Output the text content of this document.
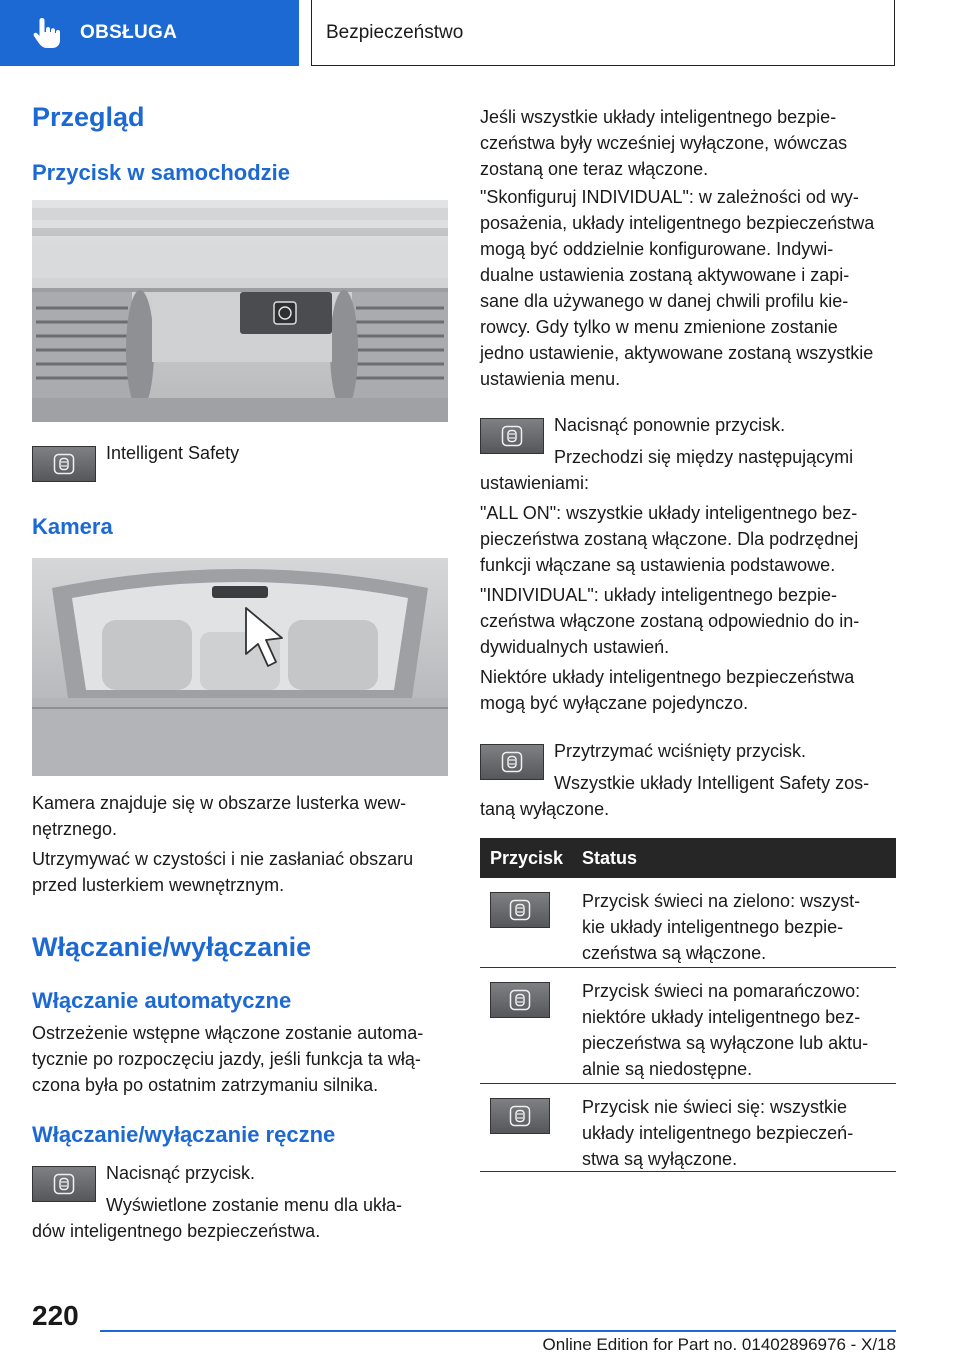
OBSŁUGA	Bezpieczeństwo
Przegląd
Przycisk w samochodzie
Intelligent Safety
Kamera
Kamera znajduje się w obszarze lusterka wew-
nętrznego.
Utrzymywać w czystości i nie zasłaniać obszaru
przed lusterkiem wewnętrznym.
Włączanie/wyłączanie
Włączanie automatyczne
Ostrzeżenie wstępne włączone zostanie automa-
tycznie po rozpoczęciu jazdy, jeśli funkcja ta włą-
czona była po ostatnim zatrzymaniu silnika.
Włączanie/wyłączanie ręczne
Nacisnąć przycisk.
Wyświetlone zostanie menu dla ukła-
dów inteligentnego bezpieczeństwa.
Jeśli wszystkie układy inteligentnego bezpie-
czeństwa były wcześniej wyłączone, wówczas
zostaną one teraz włączone.
"Skonfiguruj INDIVIDUAL": w zależności od wy-
posażenia, układy inteligentnego bezpieczeństwa
mogą być oddzielnie konfigurowane. Indywi-
dualne ustawienia zostaną aktywowane i zapi-
sane dla używanego w danej chwili profilu kie-
rowcy. Gdy tylko w menu zmienione zostanie
jedno ustawienie, aktywowane zostaną wszystkie
ustawienia menu.
Nacisnąć ponownie przycisk.
Przechodzi się między następującymi
ustawieniami:
"ALL ON": wszystkie układy inteligentnego bez-
pieczeństwa zostaną włączone. Dla podrzędnej
funkcji włączane są ustawienia podstawowe.
"INDIVIDUAL": układy inteligentnego bezpie-
czeństwa włączone zostaną odpowiednio do in-
dywidualnych ustawień.
Niektóre układy inteligentnego bezpieczeństwa
mogą być wyłączane pojedynczo.
Przytrzymać wciśnięty przycisk.
Wszystkie układy Intelligent Safety zos-
taną wyłączone.
Przycisk	Status
Przycisk świeci na zielono: wszyst-
kie układy inteligentnego bezpie-
czeństwa są włączone.
Przycisk świeci na pomarańczowo:
niektóre układy inteligentnego bez-
pieczeństwa są wyłączone lub aktu-
alnie są niedostępne.
Przycisk nie świeci się: wszystkie
układy inteligentnego bezpieczeń-
stwa są wyłączone.
220
Online Edition for Part no. 01402896976 - X/18
